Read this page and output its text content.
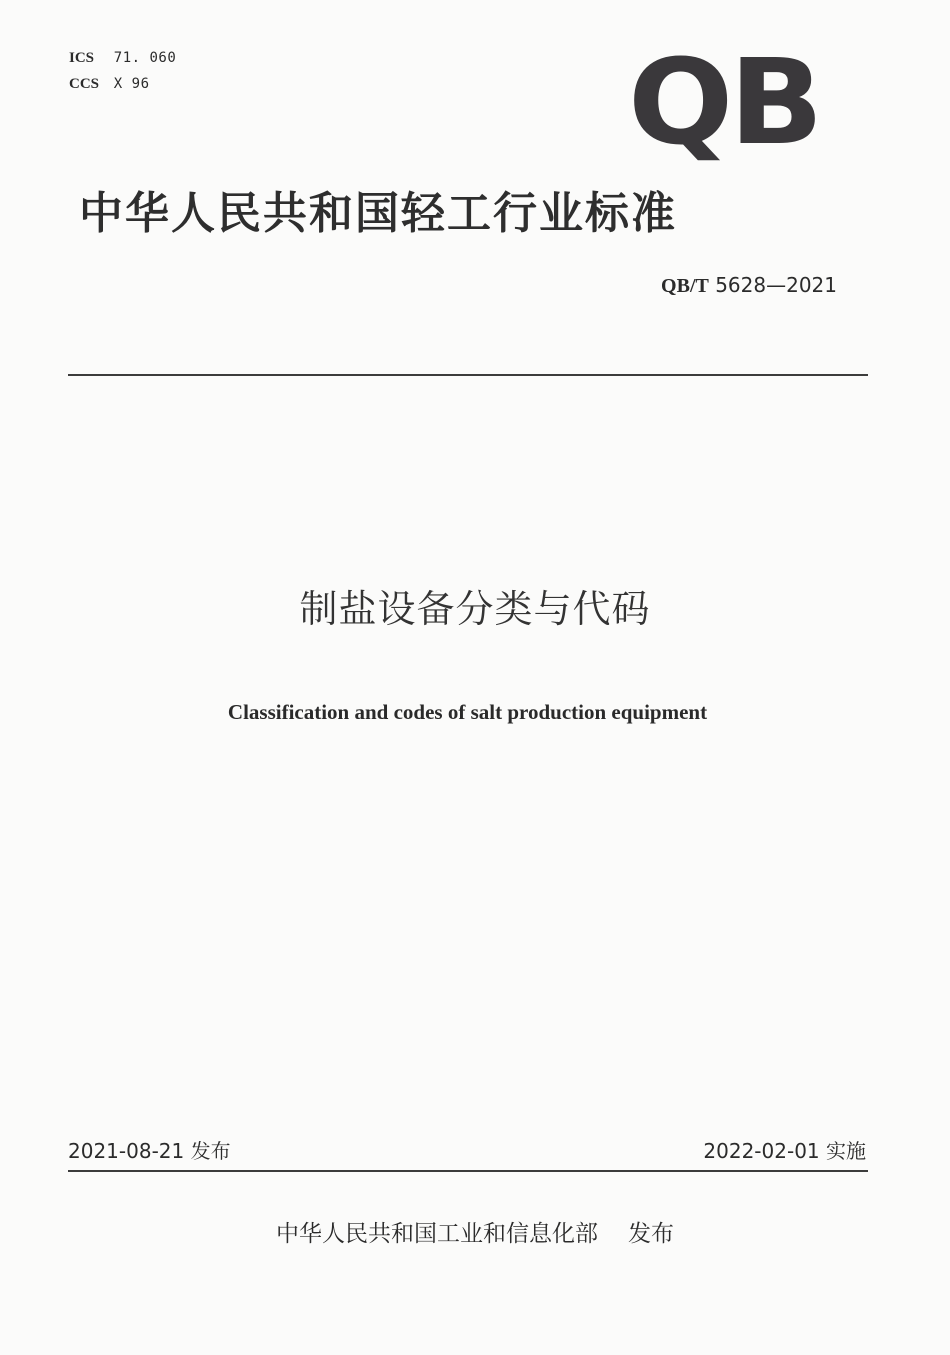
ICS 71. 060
CCS X 96	QB
中华人民共和国轻工行业标准
QB/T 5628—2021
制盐设备分类与代码
Classification and codes of salt production equipment
2021-08-21 发布	2022-02-01 实施
中华人民共和国工业和信息化部 发布
